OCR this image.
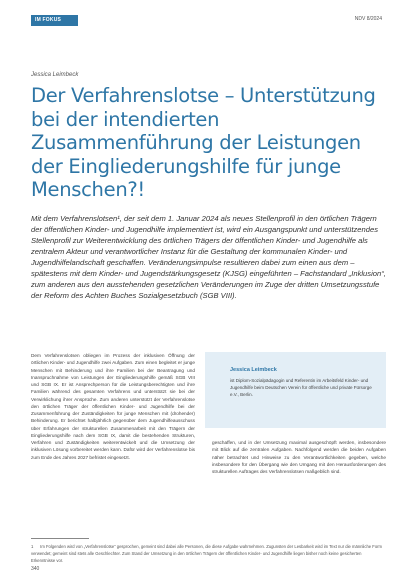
IM FOKUS	NDV 8/2024
Jessica Leimbeck
Der Verfahrenslotse – Unterstützung bei der intendierten Zusammenführung der Leistungen der Eingliederungshilfe für junge Menschen?!

Mit dem Verfahrenslotsen¹, der seit dem 1. Januar 2024 als neues Stellenprofil in den örtlichen Trägern der öffentlichen Kinder- und Jugendhilfe implementiert ist, wird ein Ausgangspunkt und unterstützendes Stellenprofil zur Weiterentwicklung des örtlichen Trägers der öffentlichen Kinder- und Jugendhilfe als zentralem Akteur und verantwortlicher Instanz für die Gestaltung der kommunalen Kinder- und Jugendhilfelandschaft geschaffen. Veränderungsimpulse resultieren dabei zum einen aus dem – spätestens mit dem Kinder- und Jugendstärkungsgesetz (KJSG) eingeführten – Fachstandard „Inklusion“, zum anderen aus den ausstehenden gesetzlichen Veränderungen im Zuge der dritten Umsetzungsstufe der Reform des Achten Buches Sozialgesetzbuch (SGB VIII).

Dem Verfahrenslotsen obliegen im Prozess der inklusiven Öffnung der örtlichen Kinder- und Jugendhilfe zwei Aufgaben. Zum einen begleitet er junge Menschen mit Behinderung und ihre Familien bei der Beantragung und Inanspruchnahme von Leistungen der Eingliederungshilfe gemäß SGB VIII und SGB IX. Er ist Ansprechperson für die Leistungsberechtigten und ihre Familien während des gesamten Verfahrens und unterstützt sie bei der Verwirklichung ihrer Ansprüche. Zum anderen unterstützt der Verfahrenslotse den örtlichen Träger der öffentlichen Kinder- und Jugendhilfe bei der Zusammenführung der Zuständigkeiten für junge Menschen mit (drohender) Behinderung. Er berichtet halbjährlich gegenüber dem Jugendhilfeausschuss über Erfahrungen der strukturellen Zusammenarbeit mit den Trägern der Eingliederungshilfe nach dem SGB IX, damit die bestehenden Strukturen, Verfahren und Zuständigkeiten weiterentwickelt und die Umsetzung der inklusiven Lösung vorbereitet werden kann. Dafür wird der Verfahrenslotse bis zum Ende des Jahres 2027 befristet eingesetzt.

Jessica Leimbeck
ist Diplom-Sozialpädagogin und Referentin im Arbeitsfeld Kinder- und Jugendhilfe beim Deutschen Verein für öffentliche und private Fürsorge e.V., Berlin.

geschaffen, und in der Umsetzung maximal ausgeschöpft werden, insbesondere mit Blick auf die zentralen Aufgaben. Nachfolgend werden die beiden Aufgaben näher betrachtet und Hinweise zu den Verantwortlichkeiten gegeben, welche insbesondere für den Übergang wie den Umgang mit den Herausforderungen des strukturellen Auftrages des Verfahrenslotsen maßgeblich sind.

1 Im Folgenden wird von „Verfahrenslotse“ gesprochen, gemeint sind dabei alle Personen, die diese Aufgabe wahrnehmen. Zugunsten der Lesbarkeit wird im Text nur die männliche Form verwendet; gemeint sind stets alle Geschlechter. Zum Stand der Umsetzung in den örtlichen Trägern der öffentlichen Kinder- und Jugendhilfe liegen bisher noch keine gesicherten Erkenntnisse vor.
340
